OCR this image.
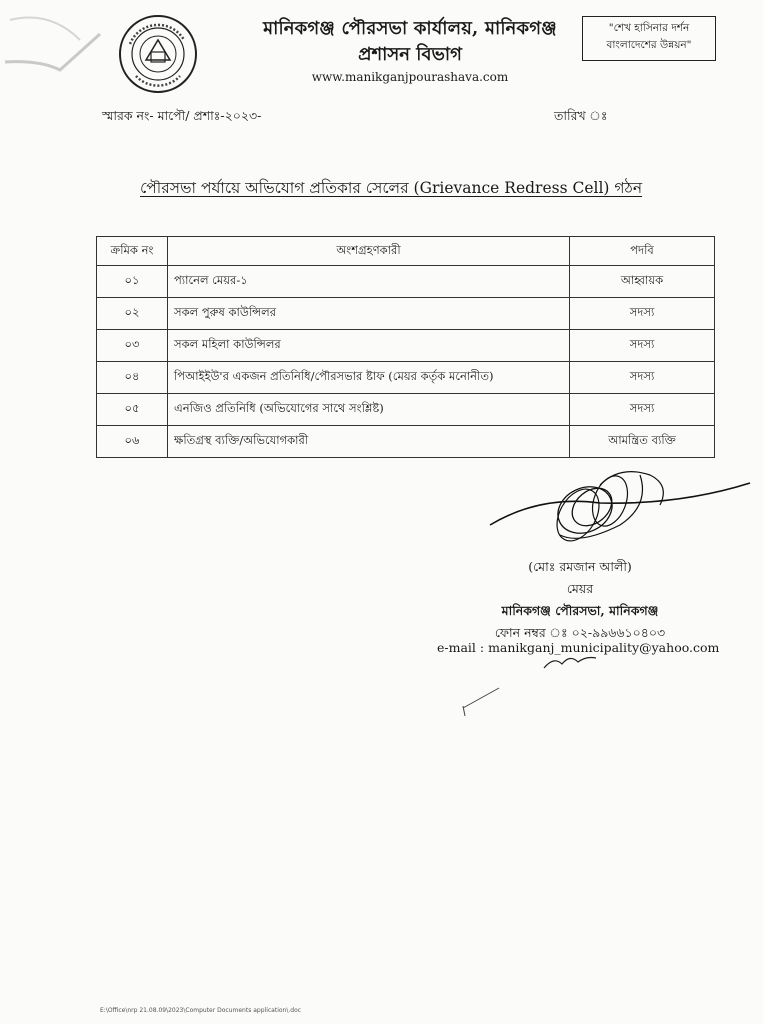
মানিকগঞ্জ পৌরসভা কার্যালয়, মানিকগঞ্জ
প্রশাসন বিভাগ
www.manikganjpourashava.com
"শেখ হাসিনার দর্শন
বাংলাদেশের উন্নয়ন"
স্মারক নং- মাপৌ/ প্রশাঃ-২০২৩-	তারিখ ঃ
পৌরসভা পর্যায়ে অভিযোগ প্রতিকার সেলের (Grievance Redress Cell) গঠন
ক্রমিক নং	অংশগ্রহণকারী	পদবি
০১	প্যানেল মেয়র-১	আহ্বায়ক
০২	সকল পুরুষ কাউন্সিলর	সদস্য
০৩	সকল মহিলা কাউন্সিলর	সদস্য
০৪	পিআইইউ'র একজন প্রতিনিধি/পৌরসভার ষ্টাফ (মেয়র কর্তৃক মনোনীত)	সদস্য
০৫	এনজিও প্রতিনিধি (অভিযোগের সাথে সংশ্লিষ্ট)	সদস্য
০৬	ক্ষতিগ্রস্থ ব্যক্তি/অভিযোগকারী	আমন্ত্রিত ব্যক্তি
(মোঃ রমজান আলী)
মেয়র
মানিকগঞ্জ পৌরসভা, মানিকগঞ্জ
ফোন নম্বর ঃ ০২-৯৯৬৬১০৪০৩
e-mail : manikganj_municipality@yahoo.com
E:\Office\nrp 21.08.09\2023\Computer Documents application\.doc
